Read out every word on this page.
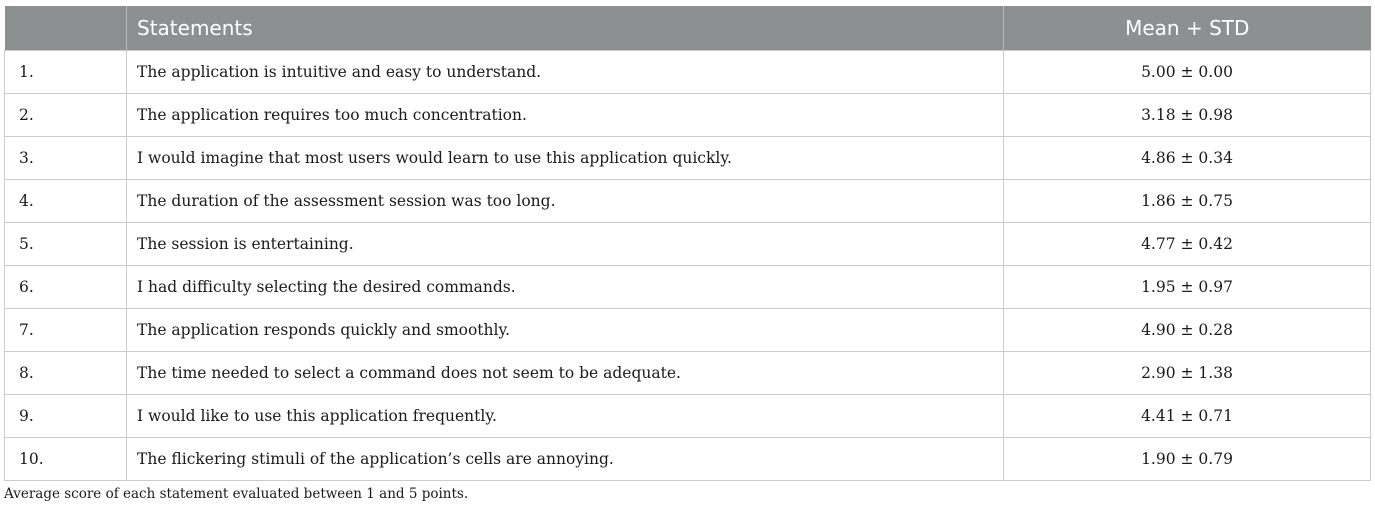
	Statements	Mean + STD
1.	The application is intuitive and easy to understand.	5.00 ± 0.00
2.	The application requires too much concentration.	3.18 ± 0.98
3.	I would imagine that most users would learn to use this application quickly.	4.86 ± 0.34
4.	The duration of the assessment session was too long.	1.86 ± 0.75
5.	The session is entertaining.	4.77 ± 0.42
6.	I had difficulty selecting the desired commands.	1.95 ± 0.97
7.	The application responds quickly and smoothly.	4.90 ± 0.28
8.	The time needed to select a command does not seem to be adequate.	2.90 ± 1.38
9.	I would like to use this application frequently.	4.41 ± 0.71
10.	The flickering stimuli of the application’s cells are annoying.	1.90 ± 0.79
Average score of each statement evaluated between 1 and 5 points.
